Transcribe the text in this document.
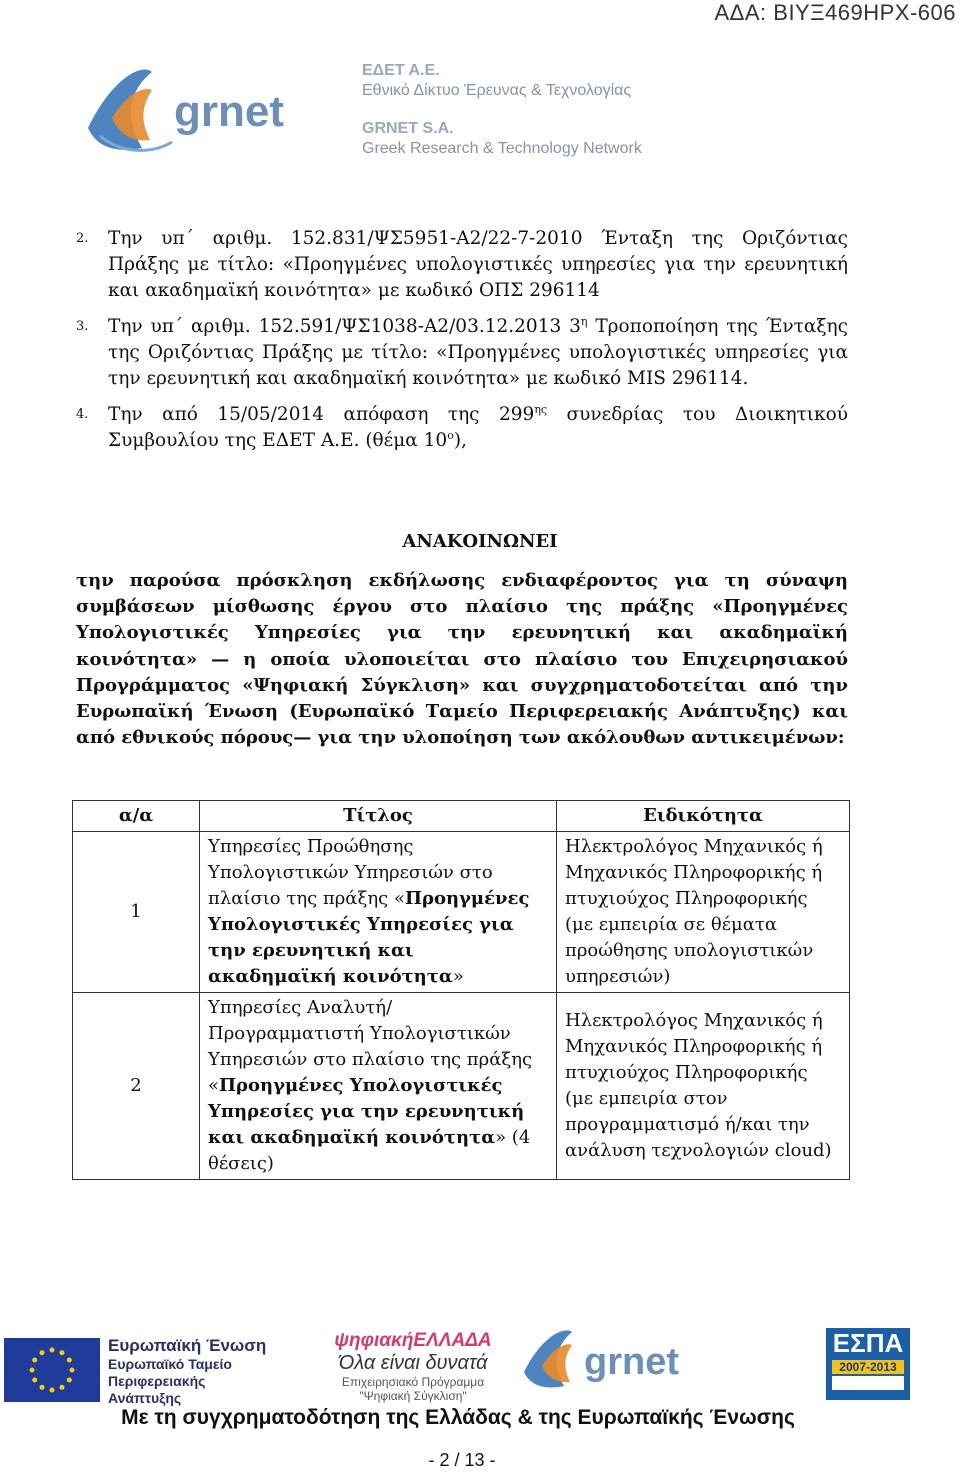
ΑΔΑ: ΒΙΥΞ469ΗΡΧ-606
grnet
ΕΔΕΤ Α.Ε.
Εθνικό Δίκτυο Έρευνας & Τεχνολογίας
GRNET S.A.
Greek Research & Technology Network
2. Την υπ΄ αριθμ. 152.831/ΨΣ5951-Α2/22-7-2010 Ένταξη της Οριζόντιας Πράξης με τίτλο: «Προηγμένες υπολογιστικές υπηρεσίες για την ερευνητική και ακαδημαϊκή κοινότητα» με κωδικό ΟΠΣ 296114
3. Την υπ΄ αριθμ. 152.591/ΨΣ1038-Α2/03.12.2013 $3^\eta$ Τροποποίηση της Ένταξης της Οριζόντιας Πράξης με τίτλο: «Προηγμένες υπολογιστικές υπηρεσίες για την ερευνητική και ακαδημαϊκή κοινότητα» με κωδικό MIS 296114.
4. Την από 15/05/2014 απόφαση της $299^{\eta\varsigma}$ συνεδρίας του Διοικητικού Συμβουλίου της ΕΔΕΤ Α.Ε. (θέμα $10^o$),
ΑΝΑΚΟΙΝΩΝΕΙ
την παρούσα πρόσκληση εκδήλωσης ενδιαφέροντος για τη σύναψη συμβάσεων μίσθωσης έργου στο πλαίσιο της πράξης «Προηγμένες Υπολογιστικές Υπηρεσίες για την ερευνητική και ακαδημαϊκή κοινότητα» — η οποία υλοποιείται στο πλαίσιο του Επιχειρησιακού Προγράμματος «Ψηφιακή Σύγκλιση» και συγχρηματοδοτείται από την Ευρωπαϊκή Ένωση (Ευρωπαϊκό Ταμείο Περιφερειακής Ανάπτυξης) και από εθνικούς πόρους— για την υλοποίηση των ακόλουθων αντικειμένων:
α/α	Τίτλος	Ειδικότητα
1	Υπηρεσίες Προώθησης Υπολογιστικών Υπηρεσιών στο πλαίσιο της πράξης «Προηγμένες Υπολογιστικές Υπηρεσίες για την ερευνητική και ακαδημαϊκή κοινότητα»	Ηλεκτρολόγος Μηχανικός ή Μηχανικός Πληροφορικής ή πτυχιούχος Πληροφορικής (με εμπειρία σε θέματα προώθησης υπολογιστικών υπηρεσιών)
2	Υπηρεσίες Αναλυτή/Προγραμματιστή Υπολογιστικών Υπηρεσιών στο πλαίσιο της πράξης «Προηγμένες Υπολογιστικές Υπηρεσίες για την ερευνητική και ακαδημαϊκή κοινότητα» (4 θέσεις)	Ηλεκτρολόγος Μηχανικός ή Μηχανικός Πληροφορικής ή πτυχιούχος Πληροφορικής (με εμπειρία στον προγραμματισμό ή/και την ανάλυση τεχνολογιών cloud)
Ευρωπαϊκή Ένωση
Ευρωπαϊκό Ταμείο
Περιφερειακής
Ανάπτυξης
ψηφιακήΕΛΛΑΔΑ
Όλα είναι δυνατά
Επιχειρησιακό Πρόγραμμα
"Ψηφιακή Σύγκλιση"
grnet	ΕΣΠΑ
2007-2013
Με τη συγχρηματοδότηση της Ελλάδας & της Ευρωπαϊκής Ένωσης
- 2 / 13 -
